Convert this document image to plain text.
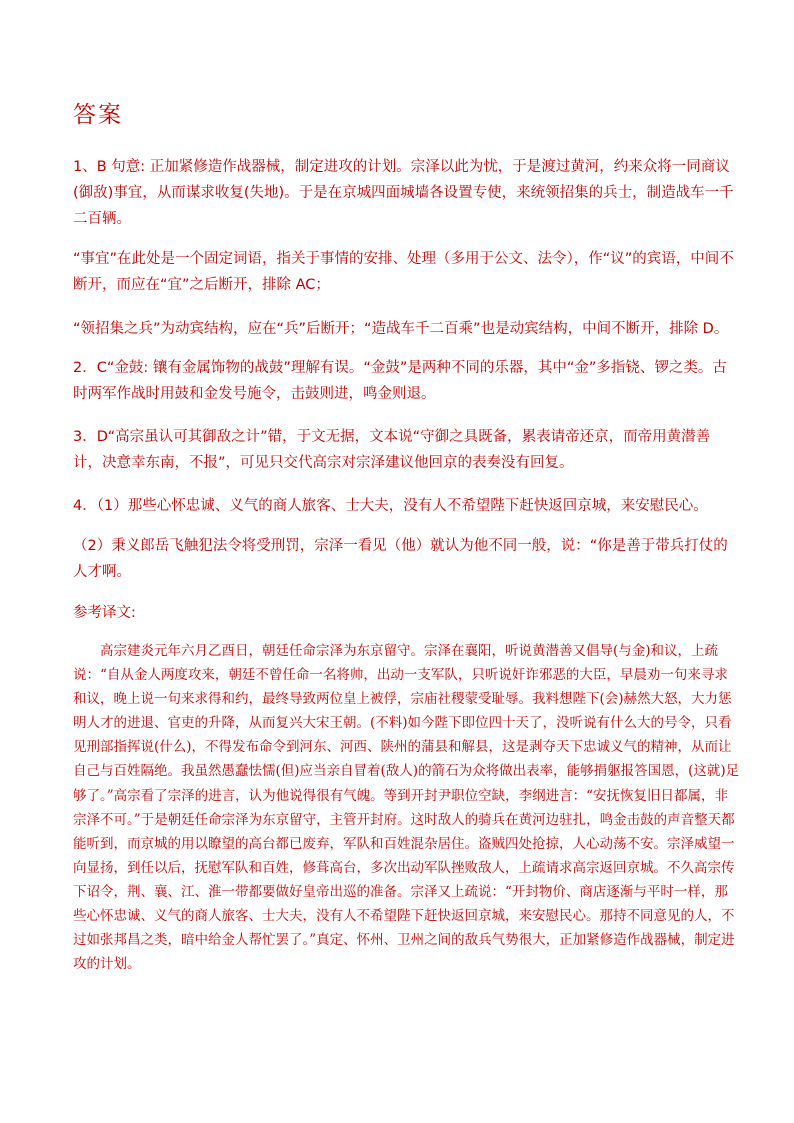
答案
1、B 句意: 正加紧修造作战器械，制定进攻的计划。宗泽以此为忧，于是渡过黄河，约来众将一同商议(御敌)事宜，从而谋求收复(失地)。于是在京城四面城墙各设置专使，来统领招集的兵士，制造战车一千二百辆。
“事宜”在此处是一个固定词语，指关于事情的安排、处理（多用于公文、法令），作“议”的宾语，中间不断开，而应在“宜”之后断开，排除 AC；
“领招集之兵”为动宾结构，应在“兵”后断开；“造战车千二百乘”也是动宾结构，中间不断开，排除 D。
2．C“金鼓: 镶有金属饰物的战鼓”理解有误。“金鼓”是两种不同的乐器，其中“金”多指铙、锣之类。古时两军作战时用鼓和金发号施令，击鼓则进，鸣金则退。
3．D“高宗虽认可其御敌之计”错，于文无据，文本说“守御之具既备，累表请帝还京，而帝用黄潜善计，决意幸东南，不报”，可见只交代高宗对宗泽建议他回京的表奏没有回复。
4．（1）那些心怀忠诚、义气的商人旅客、士大夫，没有人不希望陛下赶快返回京城，来安慰民心。
（2）秉义郎岳飞触犯法令将受刑罚，宗泽一看见（他）就认为他不同一般，说：“你是善于带兵打仗的人才啊。
参考译文:
高宗建炎元年六月乙酉日，朝廷任命宗泽为东京留守。宗泽在襄阳，听说黄潜善又倡导(与金)和议，上疏说：“自从金人两度攻来，朝廷不曾任命一名将帅，出动一支军队，只听说奸诈邪恶的大臣，早晨劝一句来寻求和议，晚上说一句来求得和约，最终导致两位皇上被俘，宗庙社稷蒙受耻辱。我料想陛下(会)赫然大怒，大力惩明人才的进退、官吏的升降，从而复兴大宋王朝。(不料)如今陛下即位四十天了，没听说有什么大的号令，只看见刑部指挥说(什么)，不得发布命令到河东、河西、陕州的蒲县和解县，这是剥夺天下忠诚义气的精神，从而让自己与百姓隔绝。我虽然愚蠢怯懦(但)应当亲自冒着(敌人)的箭石为众将做出表率，能够捐躯报答国恩，(这就)足够了。”高宗看了宗泽的进言，认为他说得很有气魄。等到开封尹职位空缺，李纲进言：“安抚恢复旧日都属，非宗泽不可。”于是朝廷任命宗泽为东京留守，主管开封府。这时敌人的骑兵在黄河边驻扎，鸣金击鼓的声音整天都能听到，而京城的用以瞭望的高台都已废弃，军队和百姓混杂居住。盗贼四处抢掠，人心动荡不安。宗泽威望一向显扬，到任以后，抚慰军队和百姓，修葺高台，多次出动军队挫败敌人，上疏请求高宗返回京城。不久高宗传下诏令，荆、襄、江、淮一带都要做好皇帝出巡的准备。宗泽又上疏说：“开封物价、商店逐渐与平时一样，那些心怀忠诚、义气的商人旅客、士大夫，没有人不希望陛下赶快返回京城，来安慰民心。那持不同意见的人，不过如张邦昌之类，暗中给金人帮忙罢了。”真定、怀州、卫州之间的敌兵气势很大，正加紧修造作战器械，制定进攻的计划。
